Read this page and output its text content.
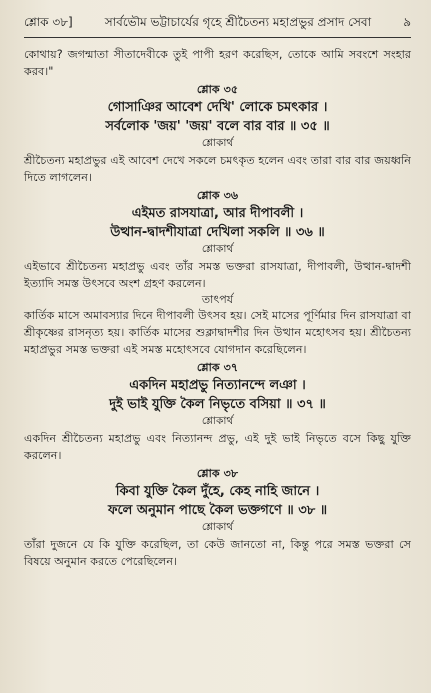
শ্লোক ৩৮]	সার্বভৌম ভট্টাচার্যের গৃহে শ্রীচৈতন্য মহাপ্রভুর প্রসাদ সেবা	৯

কোথায়? জগন্মাতা সীতাদেবীকে তুই পাপী হরণ করেছিস, তোকে আমি সবংশে সংহার করব।"

শ্লোক ৩৫
গোসাঞির আবেশ দেখি' লোকে চমৎকার ।
সর্বলোক 'জয়' 'জয়' বলে বার বার ॥ ৩৫ ॥
শ্লোকার্থ

শ্রীচৈতন্য মহাপ্রভুর এই আবেশ দেখে সকলে চমৎকৃত হলেন এবং তারা বার বার জয়ধ্বনি দিতে লাগলেন।

শ্লোক ৩৬
এইমত রাসযাত্রা, আর দীপাবলী ।
উত্থান-দ্বাদশীযাত্রা দেখিলা সকলি ॥ ৩৬ ॥
শ্লোকার্থ

এইভাবে শ্রীচৈতন্য মহাপ্রভু এবং তাঁর সমস্ত ভক্তরা রাসযাত্রা, দীপাবলী, উত্থান-দ্বাদশী ইত্যাদি সমস্ত উৎসবে অংশ গ্রহণ করলেন।

তাৎপর্য

কার্তিক মাসে অমাবস্যার দিনে দীপাবলী উৎসব হয়। সেই মাসের পূর্ণিমার দিন রাসযাত্রা বা শ্রীকৃষ্ণের রাসনৃত্য হয়। কার্তিক মাসের শুক্লাদ্বাদশীর দিন উত্থান মহোৎসব হয়। শ্রীচৈতন্য মহাপ্রভুর সমস্ত ভক্তরা এই সমস্ত মহোৎসবে যোগদান করেছিলেন।

শ্লোক ৩৭
একদিন মহাপ্রভু নিত্যানন্দে লঞা ।
দুই ভাই যুক্তি কৈল নিভৃতে বসিয়া ॥ ৩৭ ॥
শ্লোকার্থ

একদিন শ্রীচৈতন্য মহাপ্রভু এবং নিত্যানন্দ প্রভু, এই দুই ভাই নিভৃতে বসে কিছু যুক্তি করলেন।

শ্লোক ৩৮
কিবা যুক্তি কৈল দুঁহে, কেহ নাহি জানে ।
ফলে অনুমান পাছে কৈল ভক্তগণে ॥ ৩৮ ॥
শ্লোকার্থ

তাঁরা দুজনে যে কি যুক্তি করেছিল, তা কেউ জানতো না, কিন্তু পরে সমস্ত ভক্তরা সে বিষয়ে অনুমান করতে পেরেছিলেন।
